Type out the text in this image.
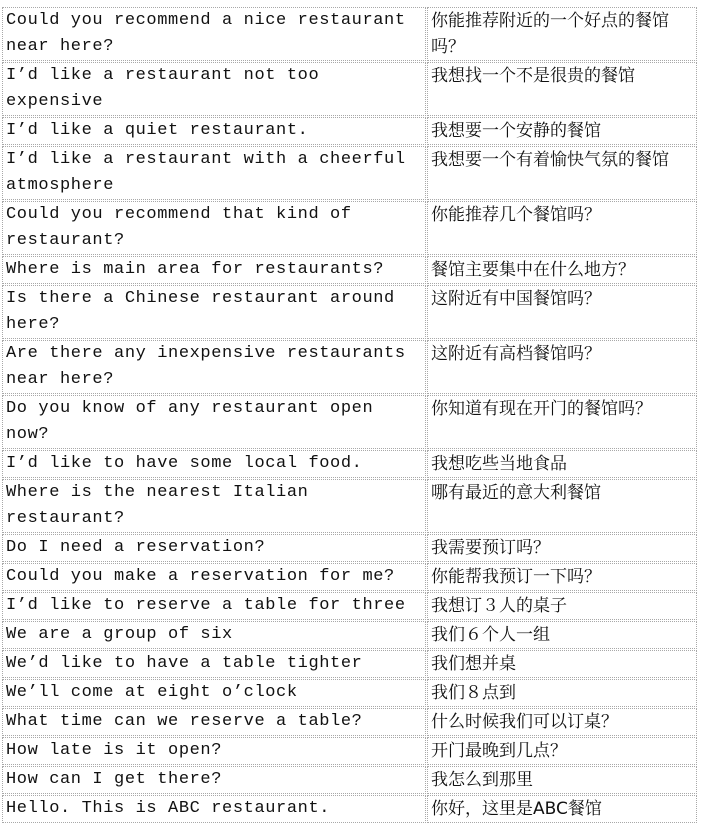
Could you recommend a nice restaurant near here?	你能推荐附近的一个好点的餐馆吗？
I’d like a restaurant not too expensive	我想找一个不是很贵的餐馆
I’d like a quiet restaurant.	我想要一个安静的餐馆
I’d like a restaurant with a cheerful atmosphere	我想要一个有着愉快气氛的餐馆
Could you recommend that kind of restaurant?	你能推荐几个餐馆吗？
Where is main area for restaurants?	餐馆主要集中在什么地方？
Is there a Chinese restaurant around here?	这附近有中国餐馆吗？
Are there any inexpensive restaurants near here?	这附近有高档餐馆吗？
Do you know of any restaurant open now?	你知道有现在开门的餐馆吗？
I’d like to have some local food.	我想吃些当地食品
Where is the nearest Italian restaurant?	哪有最近的意大利餐馆
Do I need a reservation?	我需要预订吗？
Could you make a reservation for me?	你能帮我预订一下吗？
I’d like to reserve a table for three	我想订３人的桌子
We are a group of six	我们６个人一组
We’d like to have a table tighter	我们想并桌
We’ll come at eight o’clock	我们８点到
What time can we reserve a table?	什么时候我们可以订桌？
How late is it open?	开门最晚到几点？
How can I get there?	我怎么到那里
Hello. This is ABC restaurant.	你好，这里是ABC餐馆
